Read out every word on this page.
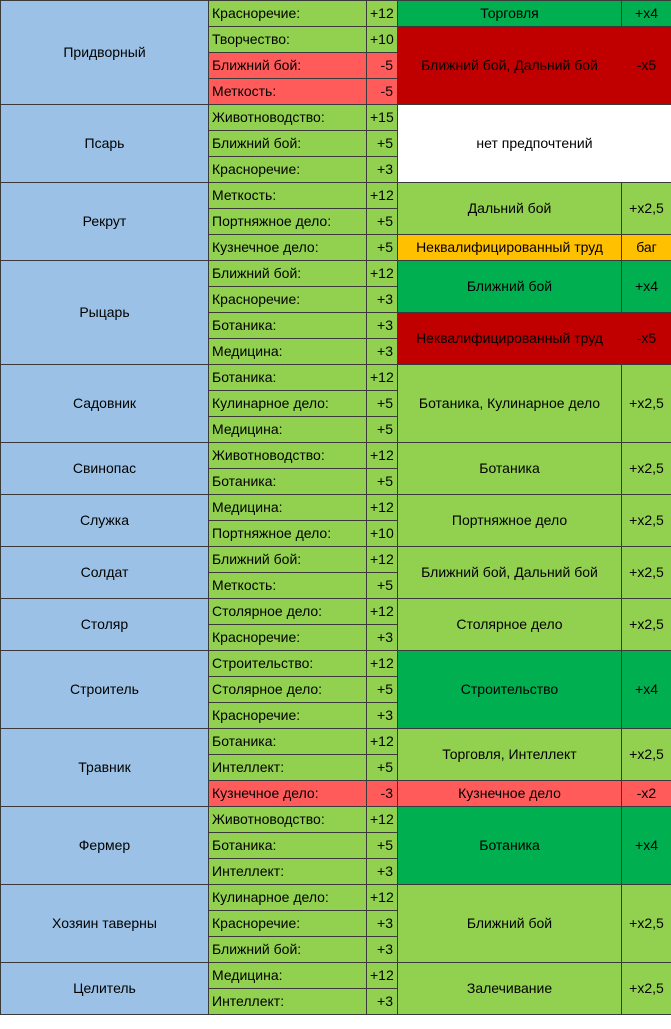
Придворный	Красноречие:	+12	Торговля	+x4
	Творчество:	+10	Ближний бой, Дальний бой	-x5
	Ближний бой:	-5		
	Меткость:	-5		
Псарь	Животноводство:	+15	нет предпочтений	
	Ближний бой:	+5		
	Красноречие:	+3		
Рекрут	Меткость:	+12	Дальний бой	+x2,5
	Портняжное дело:	+5		
	Кузнечное дело:	+5	Неквалифицированный труд	баг
Рыцарь	Ближний бой:	+12	Ближний бой	+x4
	Красноречие:	+3		
	Ботаника:	+3	Неквалифицированный труд	-x5
	Медицина:	+3		
Садовник	Ботаника:	+12	Ботаника, Кулинарное дело	+x2,5
	Кулинарное дело:	+5		
	Медицина:	+5		
Свинопас	Животноводство:	+12	Ботаника	+x2,5
	Ботаника:	+5		
Служка	Медицина:	+12	Портняжное дело	+x2,5
	Портняжное дело:	+10		
Солдат	Ближний бой:	+12	Ближний бой, Дальний бой	+x2,5
	Меткость:	+5		
Столяр	Столярное дело:	+12	Столярное дело	+x2,5
	Красноречие:	+3		
Строитель	Строительство:	+12	Строительство	+x4
	Столярное дело:	+5		
	Красноречие:	+3		
Травник	Ботаника:	+12	Торговля, Интеллект	+x2,5
	Интеллект:	+5		
	Кузнечное дело:	-3	Кузнечное дело	-x2
Фермер	Животноводство:	+12	Ботаника	+x4
	Ботаника:	+5		
	Интеллект:	+3		
Хозяин таверны	Кулинарное дело:	+12	Ближний бой	+x2,5
	Красноречие:	+3		
	Ближний бой:	+3		
Целитель	Медицина:	+12	Залечивание	+x2,5
	Интеллект:	+3		
